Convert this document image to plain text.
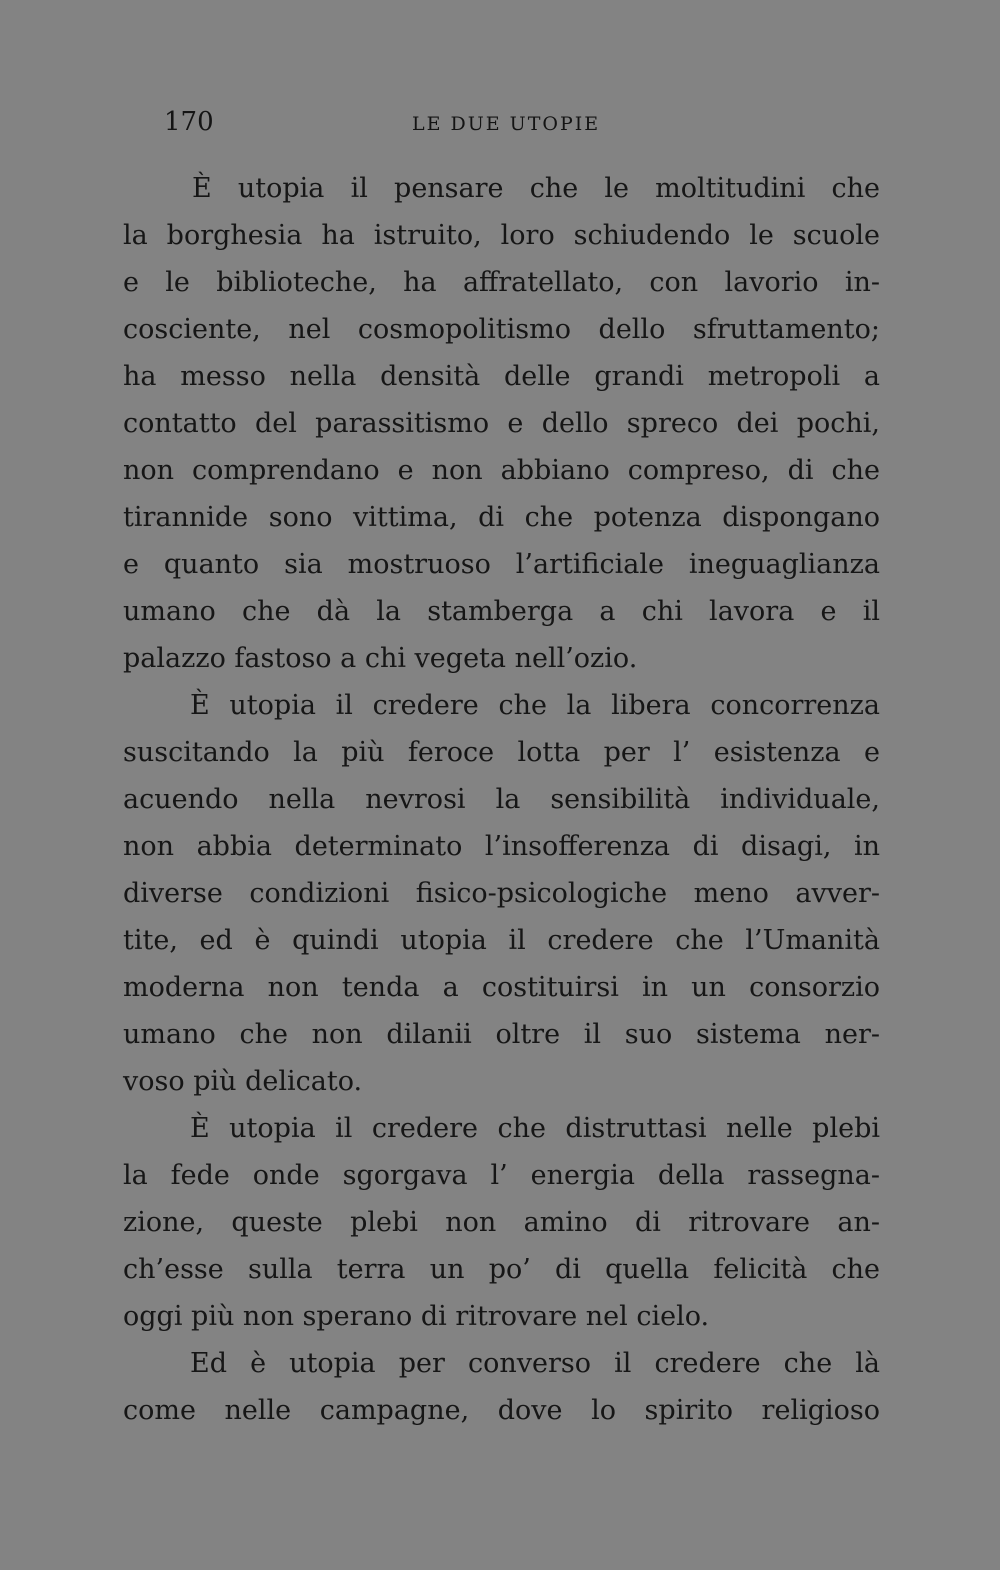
170	LE DUE UTOPIE
È utopia il pensare che le moltitudini che
la borghesia ha istruito, loro schiudendo le scuole
e le biblioteche, ha affratellato, con lavorio in-
cosciente, nel cosmopolitismo dello sfruttamento;
ha messo nella densità delle grandi metropoli a
contatto del parassitismo e dello spreco dei pochi,
non comprendano e non abbiano compreso, di che
tirannide sono vittima, di che potenza dispongano
e quanto sia mostruoso l’artificiale ineguaglianza
umano che dà la stamberga a chi lavora e il
palazzo fastoso a chi vegeta nell’ozio.
È utopia il credere che la libera concorrenza
suscitando la più feroce lotta per l’ esistenza e
acuendo nella nevrosi la sensibilità individuale,
non abbia determinato l’insofferenza di disagi, in
diverse condizioni fisico-psicologiche meno avver-
tite, ed è quindi utopia il credere che l’Umanità
moderna non tenda a costituirsi in un consorzio
umano che non dilanii oltre il suo sistema ner-
voso più delicato.
È utopia il credere che distruttasi nelle plebi
la fede onde sgorgava l’ energia della rassegna-
zione, queste plebi non amino di ritrovare an-
ch’esse sulla terra un po’ di quella felicità che
oggi più non sperano di ritrovare nel cielo.
Ed è utopia per converso il credere che là
come nelle campagne, dove lo spirito religioso
